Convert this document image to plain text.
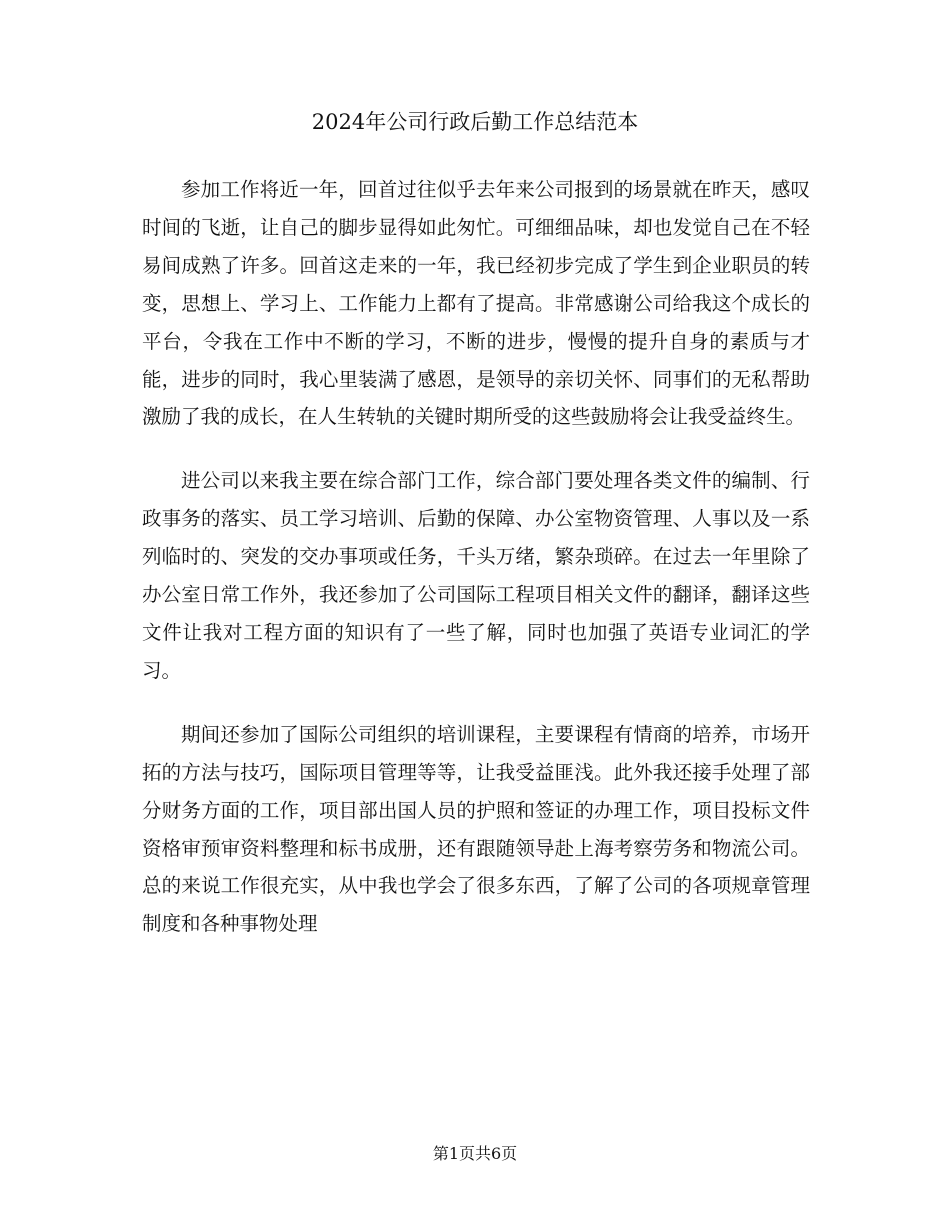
2024年公司行政后勤工作总结范本

参加工作将近一年，回首过往似乎去年来公司报到的场景就在昨天，感叹时间的飞逝，让自己的脚步显得如此匆忙。可细细品味，却也发觉自己在不轻易间成熟了许多。回首这走来的一年，我已经初步完成了学生到企业职员的转变，思想上、学习上、工作能力上都有了提高。非常感谢公司给我这个成长的平台，令我在工作中不断的学习，不断的进步，慢慢的提升自身的素质与才能，进步的同时，我心里装满了感恩，是领导的亲切关怀、同事们的无私帮助激励了我的成长，在人生转轨的关键时期所受的这些鼓励将会让我受益终生。

进公司以来我主要在综合部门工作，综合部门要处理各类文件的编制、行政事务的落实、员工学习培训、后勤的保障、办公室物资管理、人事以及一系列临时的、突发的交办事项或任务，千头万绪，繁杂琐碎。在过去一年里除了办公室日常工作外，我还参加了公司国际工程项目相关文件的翻译，翻译这些文件让我对工程方面的知识有了一些了解，同时也加强了英语专业词汇的学习。

期间还参加了国际公司组织的培训课程，主要课程有情商的培养，市场开拓的方法与技巧，国际项目管理等等，让我受益匪浅。此外我还接手处理了部分财务方面的工作，项目部出国人员的护照和签证的办理工作，项目投标文件资格审预审资料整理和标书成册，还有跟随领导赴上海考察劳务和物流公司。总的来说工作很充实，从中我也学会了很多东西，了解了公司的各项规章管理制度和各种事物处理

第1页共6页
